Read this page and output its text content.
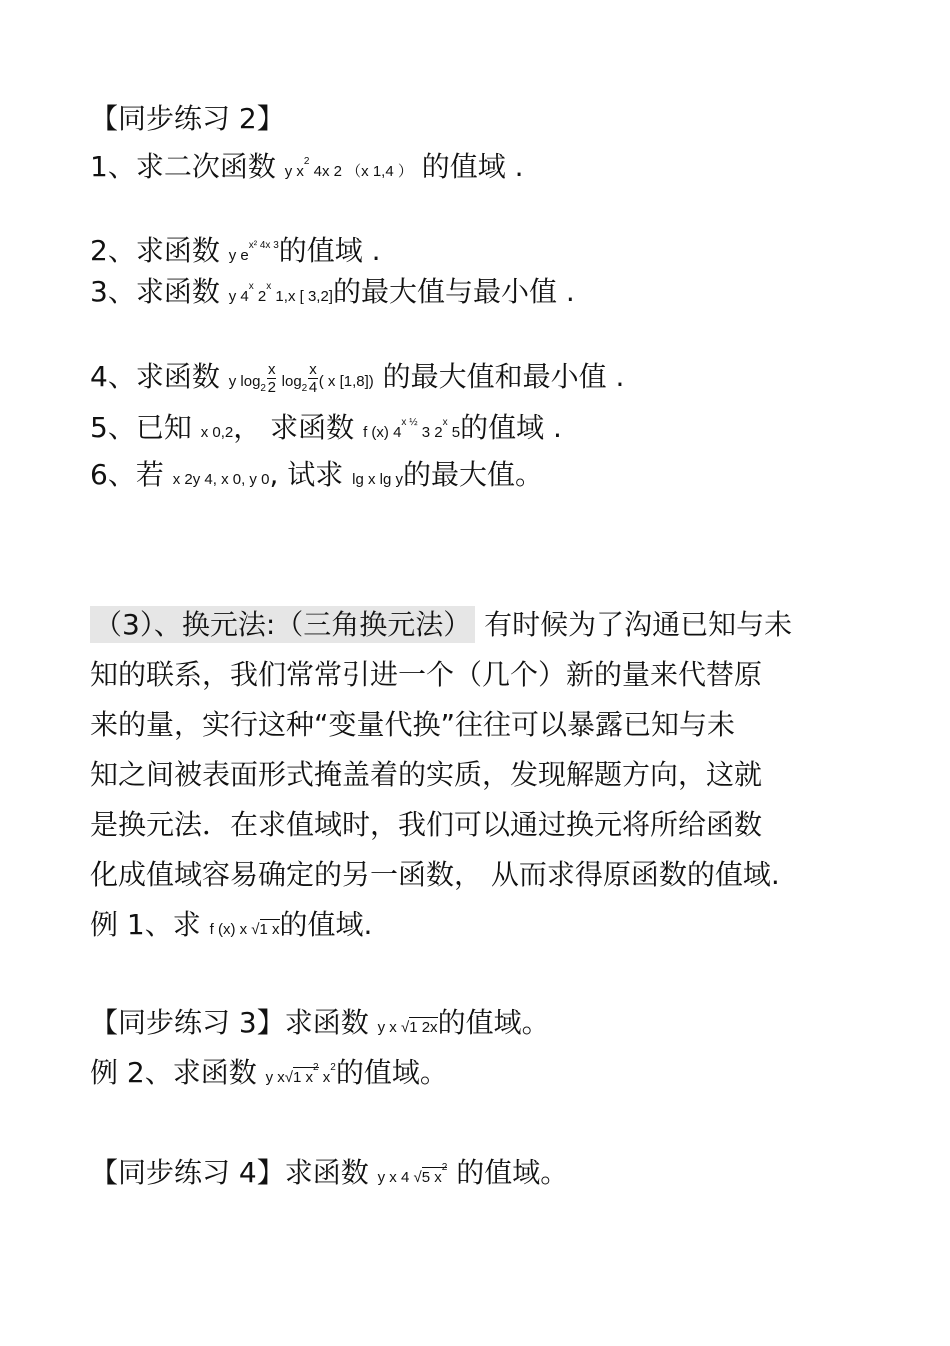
【同步练习 2】
1、求二次函数 y $x^2$ 4x 2 （x 1,4 ） 的值域 .
2、求函数 y $e^{x^2 4x 3}$的值域 .
3、求函数 y 4$^x$ 2$^x$ 1,x [ 3,2]的最大值与最小值 .
4、求函数 y $\log 2 \frac{x}{2} \log 2 \frac{x}{4}$ ( x [1,8]) 的最大值和最小值 .
5、已知 x 0,2， 求函数 f (x) $4^{x \frac{1}{2}}$ 3 2$^x$ 5的值域 .
6、若 x 2y 4, x 0, y 0, 试求 lg x lg y的最大值。
（3）、换元法:（三角换元法） 有时候为了沟通已知与未
知的联系，我们常常引进一个（几个）新的量来代替原
来的量，实行这种“变量代换”往往可以暴露已知与未
知之间被表面形式掩盖着的实质，发现解题方向，这就
是换元法．在求值域时，我们可以通过换元将所给函数
化成值域容易确定的另一函数， 从而求得原函数的值域.
例 1、求 f (x) x √1 x的值域.
【同步练习 3】求函数 y x √1 2x的值域。
例 2、求函数 y x√1 $x^2$ $x^2$的值域。
【同步练习 4】求函数 y x 4 √5 $x^2$ 的值域。
